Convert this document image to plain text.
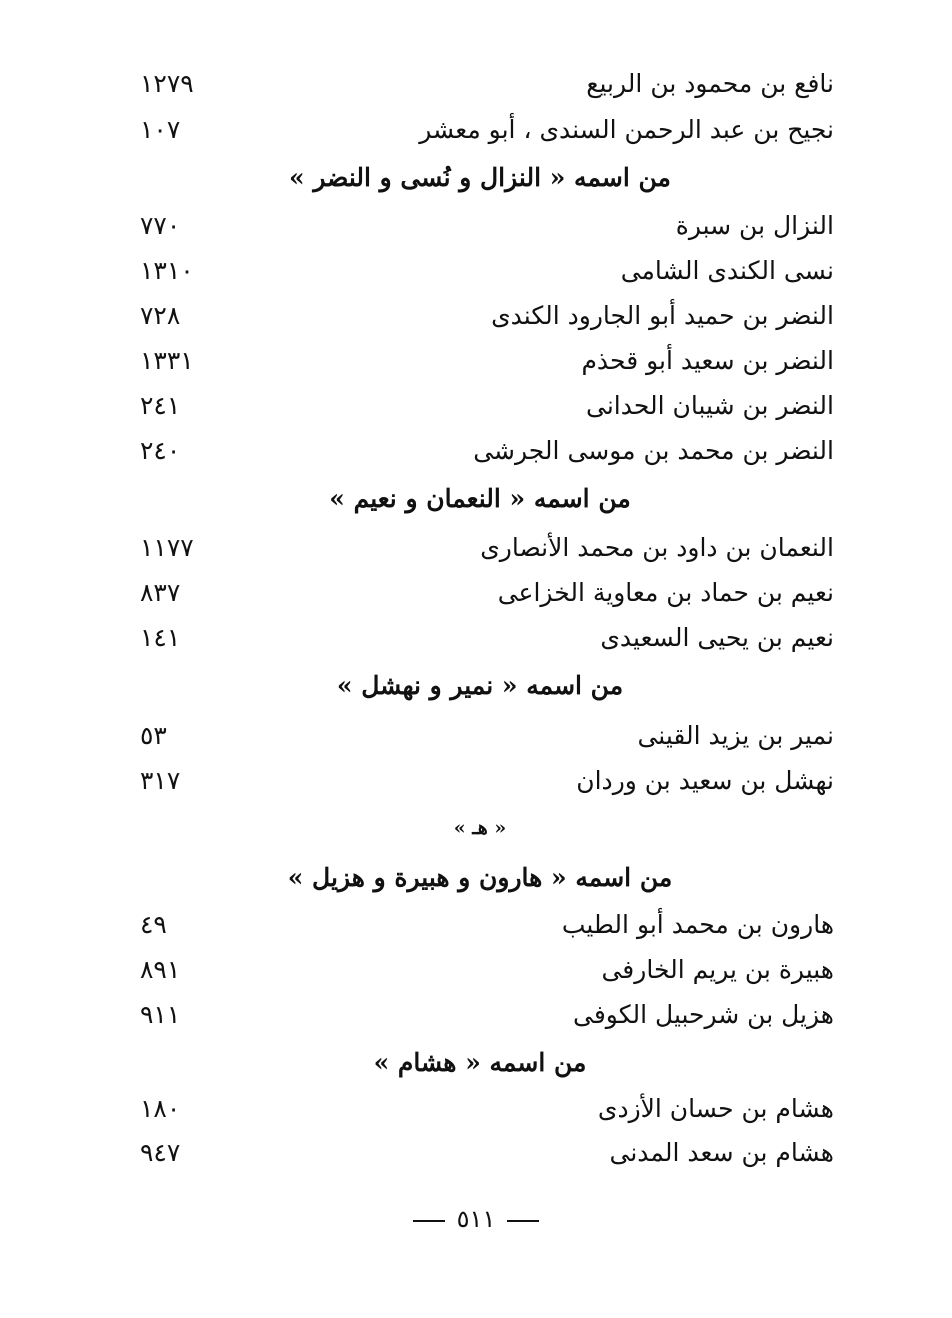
نافع بن محمود بن الربيع
١٢٧٩
نجيح بن عبد الرحمن السندى ، أبو معشر
١٠٧
من اسمه « النزال و نُسى و النضر »
النزال بن سبرة
٧٧٠
نسى الكندى الشامى
١٣١٠
النضر بن حميد أبو الجارود الكندى
٧٢٨
النضر بن سعيد أبو قحذم
١٣٣١
النضر بن شيبان الحدانى
٢٤١
النضر بن محمد بن موسى الجرشى
٢٤٠
من اسمه « النعمان و نعيم »
النعمان بن داود بن محمد الأنصارى
١١٧٧
نعيم بن حماد بن معاوية الخزاعى
٨٣٧
نعيم بن يحيى السعيدى
١٤١
من اسمه « نمير و نهشل »
نمير بن يزيد القينى
٥٣
نهشل بن سعيد بن وردان
٣١٧
« هـ »
من اسمه « هارون و هبيرة و هزيل »
هارون بن محمد أبو الطيب
٤٩
هبيرة بن يريم الخارفى
٨٩١
هزيل بن شرحبيل الكوفى
٩١١
من اسمه « هشام »
هشام بن حسان الأزدى
١٨٠
هشام بن سعد المدنى
٩٤٧
٥١١
